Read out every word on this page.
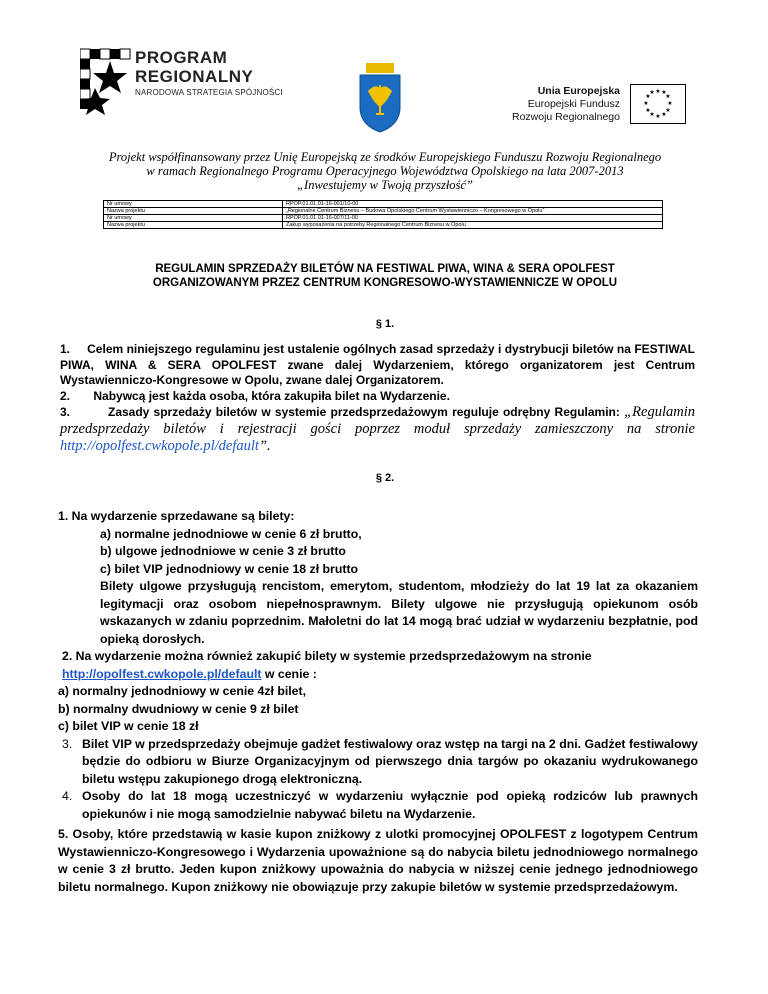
PROGRAM
REGIONALNY
NARODOWA STRATEGIA SPÓJNOŚCI	Unia Europejska
Europejski Fundusz
Rozwoju Regionalnego
★ ★
★
★
★
★
★
★
★
★
★
★
Projekt współfinansowany przez Unię Europejską ze środków Europejskiego Funduszu Rozwoju Regionalnego
w ramach Regionalnego Programu Operacyjnego Województwa Opolskiego na lata 2007-2013
„Inwestujemy w Twoją przyszłość”
Nr umowy	RPOP.01.01.01-16-001/10-00
Nazwa projektu	„Regionalne Centrum Biznesu – Budowa Opolskiego Centrum Wystawienniczo – Kongresowego w Opolu”
Nr umowy	RPOP.01.01.01-16-007/11-00
Nazwa projektu	Zakup wyposażenia na potrzeby Regionalnego Centrum Biznesu w Opolu
REGULAMIN SPRZEDAŻY BILETÓW NA FESTIWAL PIWA, WINA & SERA OPOLFEST
ORGANIZOWANYM PRZEZ CENTRUM KONGRESOWO-WYSTAWIENNICZE W OPOLU
§ 1.
1. Celem niniejszego regulaminu jest ustalenie ogólnych zasad sprzedaży i dystrybucji biletów na FESTIWAL PIWA, WINA & SERA OPOLFEST zwane dalej Wydarzeniem, którego organizatorem jest Centrum Wystawienniczo-Kongresowe w Opolu, zwane dalej Organizatorem.
2. Nabywcą jest każda osoba, która zakupiła bilet na Wydarzenie.
3.	Zasady sprzedaży biletów w systemie przedsprzedażowym reguluje odrębny Regulamin: „Regulamin przedsprzedaży biletów i rejestracji gości poprzez moduł sprzedaży zamieszczony na stronie http://opolfest.cwkopole.pl/default”.
§ 2.
1. Na wydarzenie sprzedawane są bilety:
a) normalne jednodniowe w cenie 6 zł brutto,
b) ulgowe jednodniowe w cenie 3 zł brutto
c) bilet VIP jednodniowy w cenie 18 zł brutto
Bilety ulgowe przysługują rencistom, emerytom, studentom, młodzieży do lat 19 lat za okazaniem legitymacji oraz osobom niepełnosprawnym. Bilety ulgowe nie przysługują opiekunom osób wskazanych w zdaniu poprzednim. Małoletni do lat 14 mogą brać udział w wydarzeniu bezpłatnie, pod opieką dorosłych.
2. Na wydarzenie można również zakupić bilety w systemie przedsprzedażowym na stronie
http://opolfest.cwkopole.pl/default w cenie :
a) normalny jednodniowy w cenie 4zł bilet,
b) normalny dwudniowy w cenie 9 zł bilet
c) bilet VIP w cenie 18 zł
3. Bilet VIP w przedsprzedaży obejmuje gadżet festiwalowy oraz wstęp na targi na 2 dni. Gadżet festiwalowy będzie do odbioru w Biurze Organizacyjnym od pierwszego dnia targów po okazaniu wydrukowanego biletu wstępu zakupionego drogą elektroniczną.
4. Osoby do lat 18 mogą uczestniczyć w wydarzeniu wyłącznie pod opieką rodziców lub prawnych opiekunów i nie mogą samodzielnie nabywać biletu na Wydarzenie.
5. Osoby, które przedstawią w kasie kupon zniżkowy z ulotki promocyjnej OPOLFEST z logotypem Centrum Wystawienniczo-Kongresowego i Wydarzenia upoważnione są do nabycia biletu jednodniowego normalnego w cenie 3 zł brutto. Jeden kupon zniżkowy upoważnia do nabycia w niższej cenie jednego jednodniowego biletu normalnego. Kupon zniżkowy nie obowiązuje przy zakupie biletów w systemie przedsprzedażowym.
